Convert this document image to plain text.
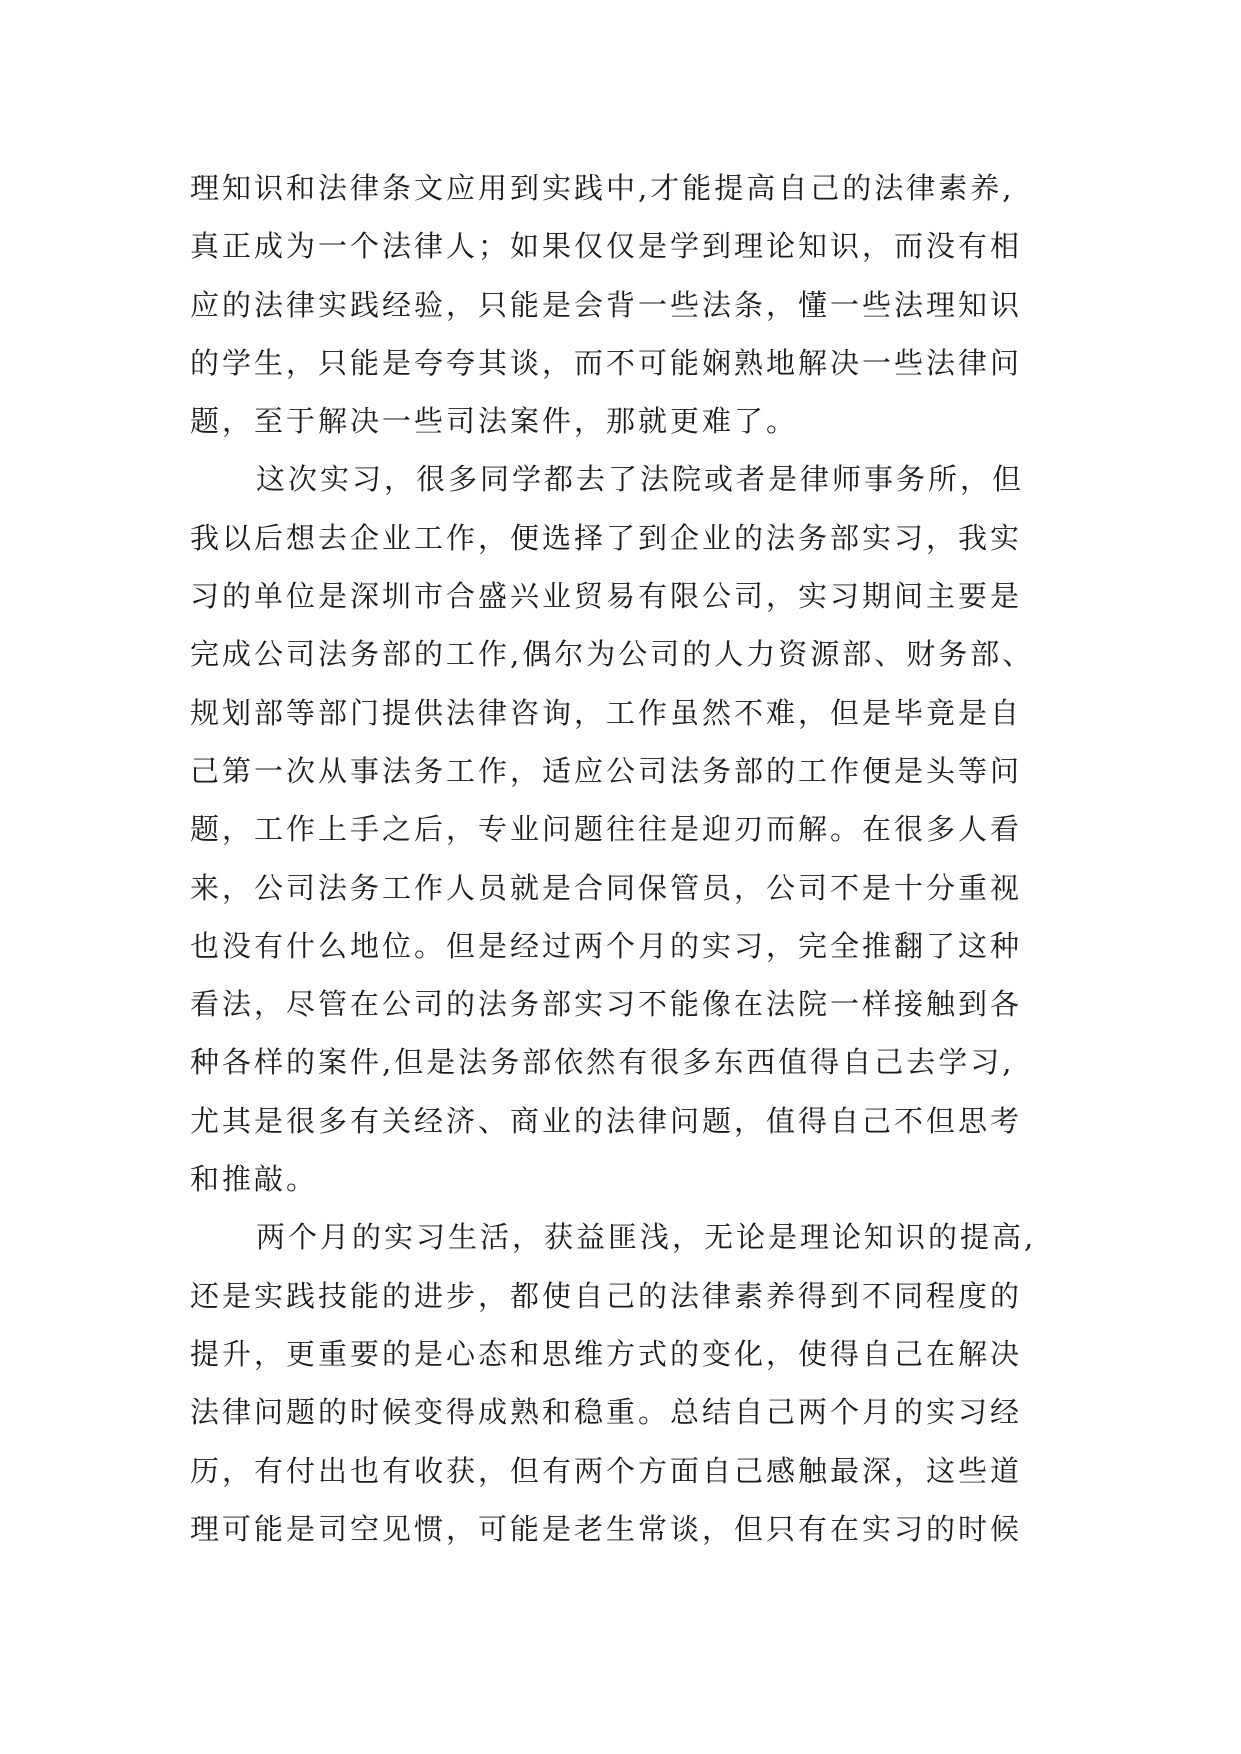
理知识和法律条文应用到实践中,才能提高自己的法律素养,
真正成为一个法律人；如果仅仅是学到理论知识，而没有相
应的法律实践经验，只能是会背一些法条，懂一些法理知识
的学生，只能是夸夸其谈，而不可能娴熟地解决一些法律问
题，至于解决一些司法案件，那就更难了。
这次实习，很多同学都去了法院或者是律师事务所，但
我以后想去企业工作，便选择了到企业的法务部实习，我实
习的单位是深圳市合盛兴业贸易有限公司，实习期间主要是
完成公司法务部的工作,偶尔为公司的人力资源部、财务部、
规划部等部门提供法律咨询，工作虽然不难，但是毕竟是自
己第一次从事法务工作，适应公司法务部的工作便是头等问
题，工作上手之后，专业问题往往是迎刃而解。在很多人看
来，公司法务工作人员就是合同保管员，公司不是十分重视
也没有什么地位。但是经过两个月的实习，完全推翻了这种
看法，尽管在公司的法务部实习不能像在法院一样接触到各
种各样的案件,但是法务部依然有很多东西值得自己去学习,
尤其是很多有关经济、商业的法律问题，值得自己不但思考
和推敲。
两个月的实习生活，获益匪浅，无论是理论知识的提高,
还是实践技能的进步，都使自己的法律素养得到不同程度的
提升，更重要的是心态和思维方式的变化，使得自己在解决
法律问题的时候变得成熟和稳重。总结自己两个月的实习经
历，有付出也有收获，但有两个方面自己感触最深，这些道
理可能是司空见惯，可能是老生常谈，但只有在实习的时候
